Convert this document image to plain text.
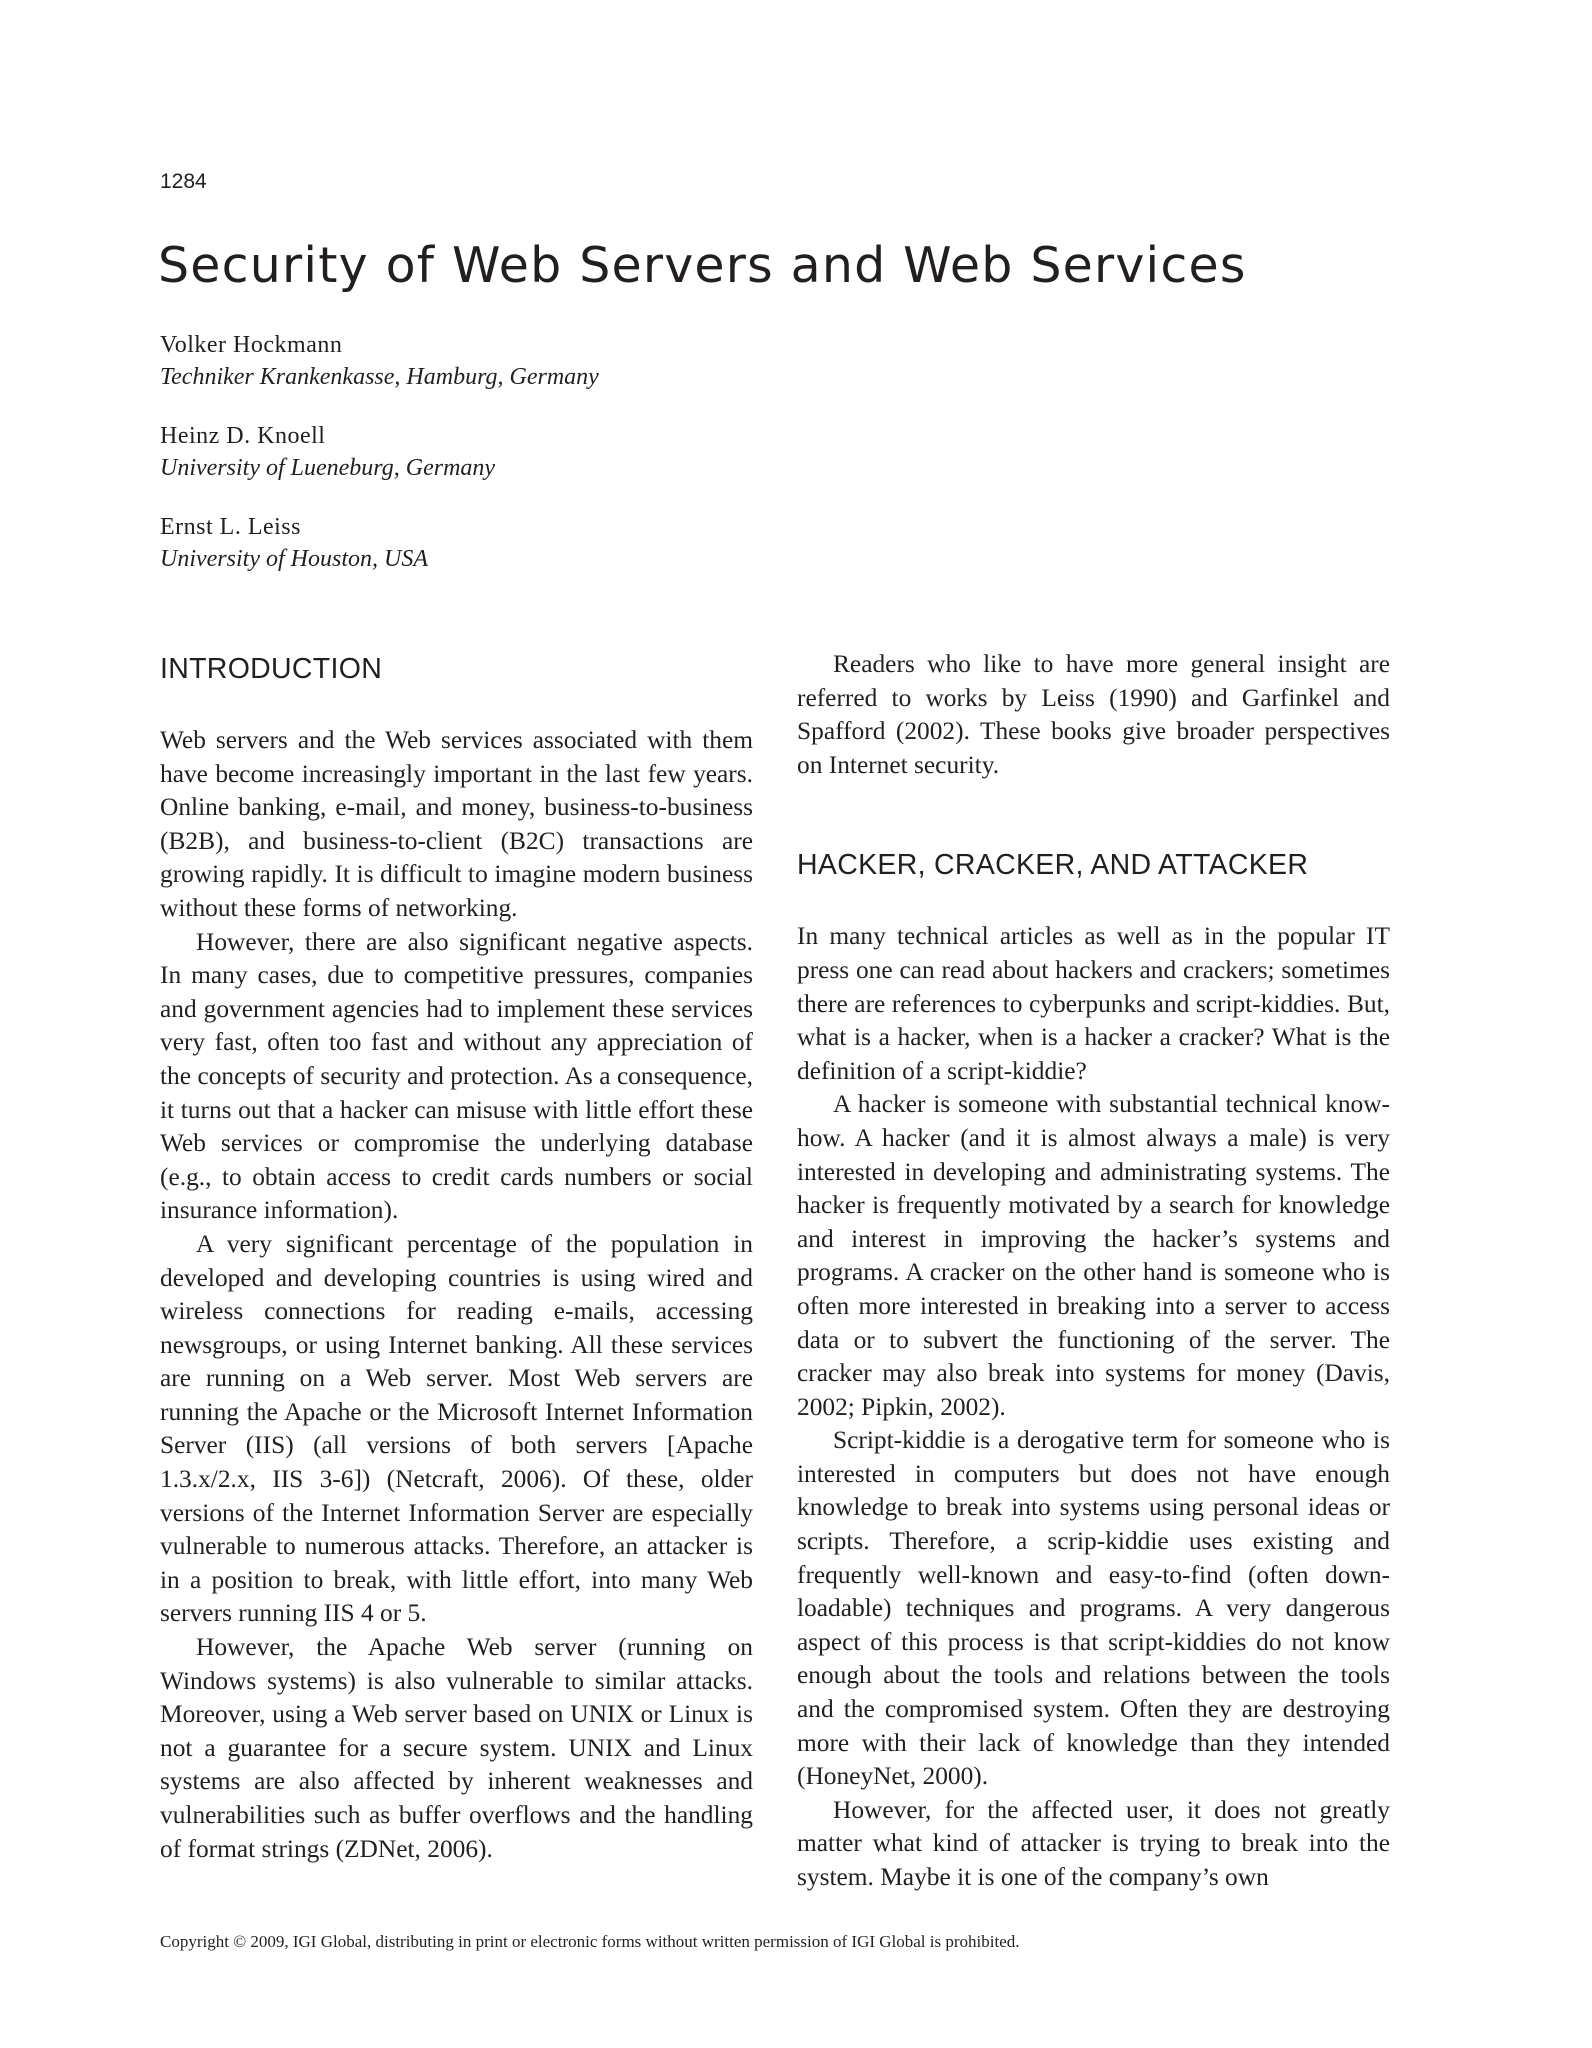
1284
Security of Web Servers and Web Services
Volker Hockmann
Techniker Krankenkasse, Hamburg, Germany
Heinz D. Knoell
University of Lueneburg, Germany
Ernst L. Leiss
University of Houston, USA
INTRODUCTION

Web servers and the Web services associated with them have become increasingly important in the last few years. Online banking, e-mail, and money, business-to-business (B2B), and business-to-client (B2C) transactions are growing rapidly. It is difficult to imagine modern business without these forms of networking.

However, there are also significant negative aspects. In many cases, due to competitive pressures, companies and government agencies had to implement these services very fast, often too fast and without any appreciation of the concepts of security and protection. As a consequence, it turns out that a hacker can misuse with little effort these Web services or compromise the underlying database (e.g., to obtain access to credit cards numbers or social insurance information).

A very significant percentage of the population in developed and developing countries is using wired and wireless connections for reading e-mails, accessing newsgroups, or using Internet banking. All these services are running on a Web server. Most Web servers are running the Apache or the Microsoft Internet Information Server (IIS) (all versions of both servers [Apache 1.3.x/2.x, IIS 3-6]) (Netcraft, 2006). Of these, older versions of the Internet Information Server are especially vulnerable to numerous attacks. Therefore, an attacker is in a position to break, with little effort, into many Web servers running IIS 4 or 5.

However, the Apache Web server (running on Windows systems) is also vulnerable to similar attacks. Moreover, using a Web server based on UNIX or Linux is not a guarantee for a secure system. UNIX and Linux systems are also affected by inherent weaknesses and vulnerabilities such as buffer overflows and the handling of format strings (ZDNet, 2006).

Readers who like to have more general insight are referred to works by Leiss (1990) and Garfinkel and Spafford (2002). These books give broader perspectives on Internet security.

HACKER, CRACKER, AND ATTACKER

In many technical articles as well as in the popular IT press one can read about hackers and crackers; sometimes there are references to cyberpunks and script-kiddies. But, what is a hacker, when is a hacker a cracker? What is the definition of a script-kiddie?

A hacker is someone with substantial technical know-how. A hacker (and it is almost always a male) is very interested in developing and administrating systems. The hacker is frequently motivated by a search for knowledge and interest in improving the hacker’s systems and programs. A cracker on the other hand is someone who is often more interested in breaking into a server to access data or to subvert the functioning of the server. The cracker may also break into systems for money (Davis, 2002; Pipkin, 2002).

Script-kiddie is a derogative term for someone who is interested in computers but does not have enough knowledge to break into systems using personal ideas or scripts. Therefore, a scrip-kiddie uses existing and frequently well-known and easy-to-find (often downloadable) techniques and programs. A very dangerous aspect of this process is that script-kiddies do not know enough about the tools and relations between the tools and the compromised system. Often they are destroying more with their lack of knowledge than they intended (HoneyNet, 2000).

However, for the affected user, it does not greatly matter what kind of attacker is trying to break into the system. Maybe it is one of the company’s own

Copyright © 2009, IGI Global, distributing in print or electronic forms without written permission of IGI Global is prohibited.
